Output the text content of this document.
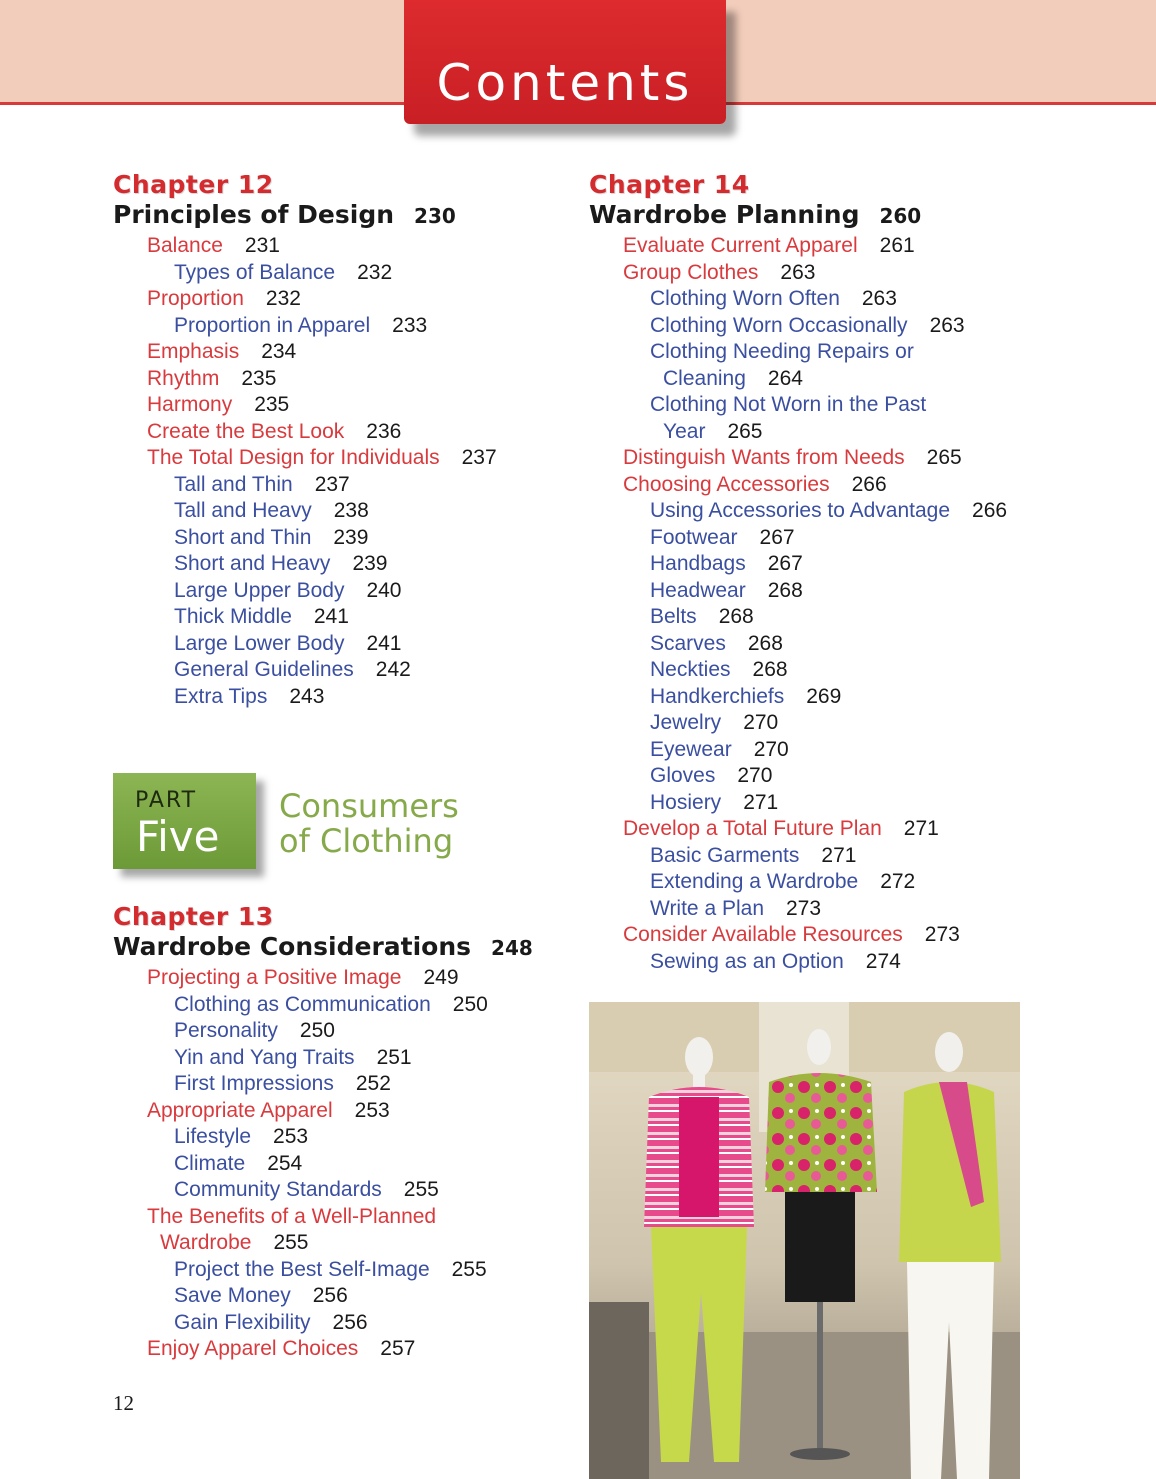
Contents
Chapter 12
Principles of Design 230
Balance 231
Types of Balance 232
Proportion 232
Proportion in Apparel 233
Emphasis 234
Rhythm 235
Harmony 235
Create the Best Look 236
The Total Design for Individuals 237
Tall and Thin 237
Tall and Heavy 238
Short and Thin 239
Short and Heavy 239
Large Upper Body 240
Thick Middle 241
Large Lower Body 241
General Guidelines 242
Extra Tips 243
PART
Five
Consumers
of Clothing
Chapter 13
Wardrobe Considerations 248
Projecting a Positive Image 249
Clothing as Communication 250
Personality 250
Yin and Yang Traits 251
First Impressions 252
Appropriate Apparel 253
Lifestyle 253
Climate 254
Community Standards 255
The Benefits of a Well-Planned
Wardrobe 255
Project the Best Self-Image 255
Save Money 256
Gain Flexibility 256
Enjoy Apparel Choices 257
Chapter 14
Wardrobe Planning 260
Evaluate Current Apparel 261
Group Clothes 263
Clothing Worn Often 263
Clothing Worn Occasionally 263
Clothing Needing Repairs or
Cleaning 264
Clothing Not Worn in the Past
Year 265
Distinguish Wants from Needs 265
Choosing Accessories 266
Using Accessories to Advantage 266
Footwear 267
Handbags 267
Headwear 268
Belts 268
Scarves 268
Neckties 268
Handkerchiefs 269
Jewelry 270
Eyewear 270
Gloves 270
Hosiery 271
Develop a Total Future Plan 271
Basic Garments 271
Extending a Wardrobe 272
Write a Plan 273
Consider Available Resources 273
Sewing as an Option 274
12
